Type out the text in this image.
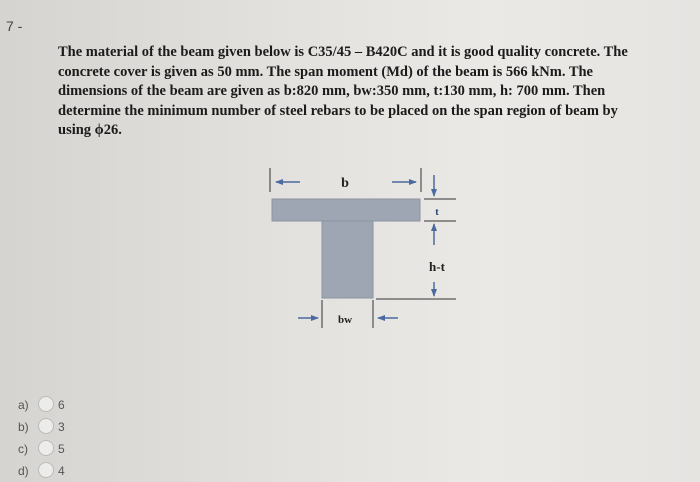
7 -
The material of the beam given below is C35/45 – B420C and it is good quality concrete. The
concrete cover is given as 50 mm. The span moment (Md) of the beam is 566 kNm. The
dimensions of the beam are given as b:820 mm, bw:350 mm, t:130 mm, h: 700 mm. Then
determine the minimum number of steel rebars to be placed on the span region of beam by
using ϕ26.
b
t
h-t
bw
a) 6
b) 3
c)	5
d) 4
